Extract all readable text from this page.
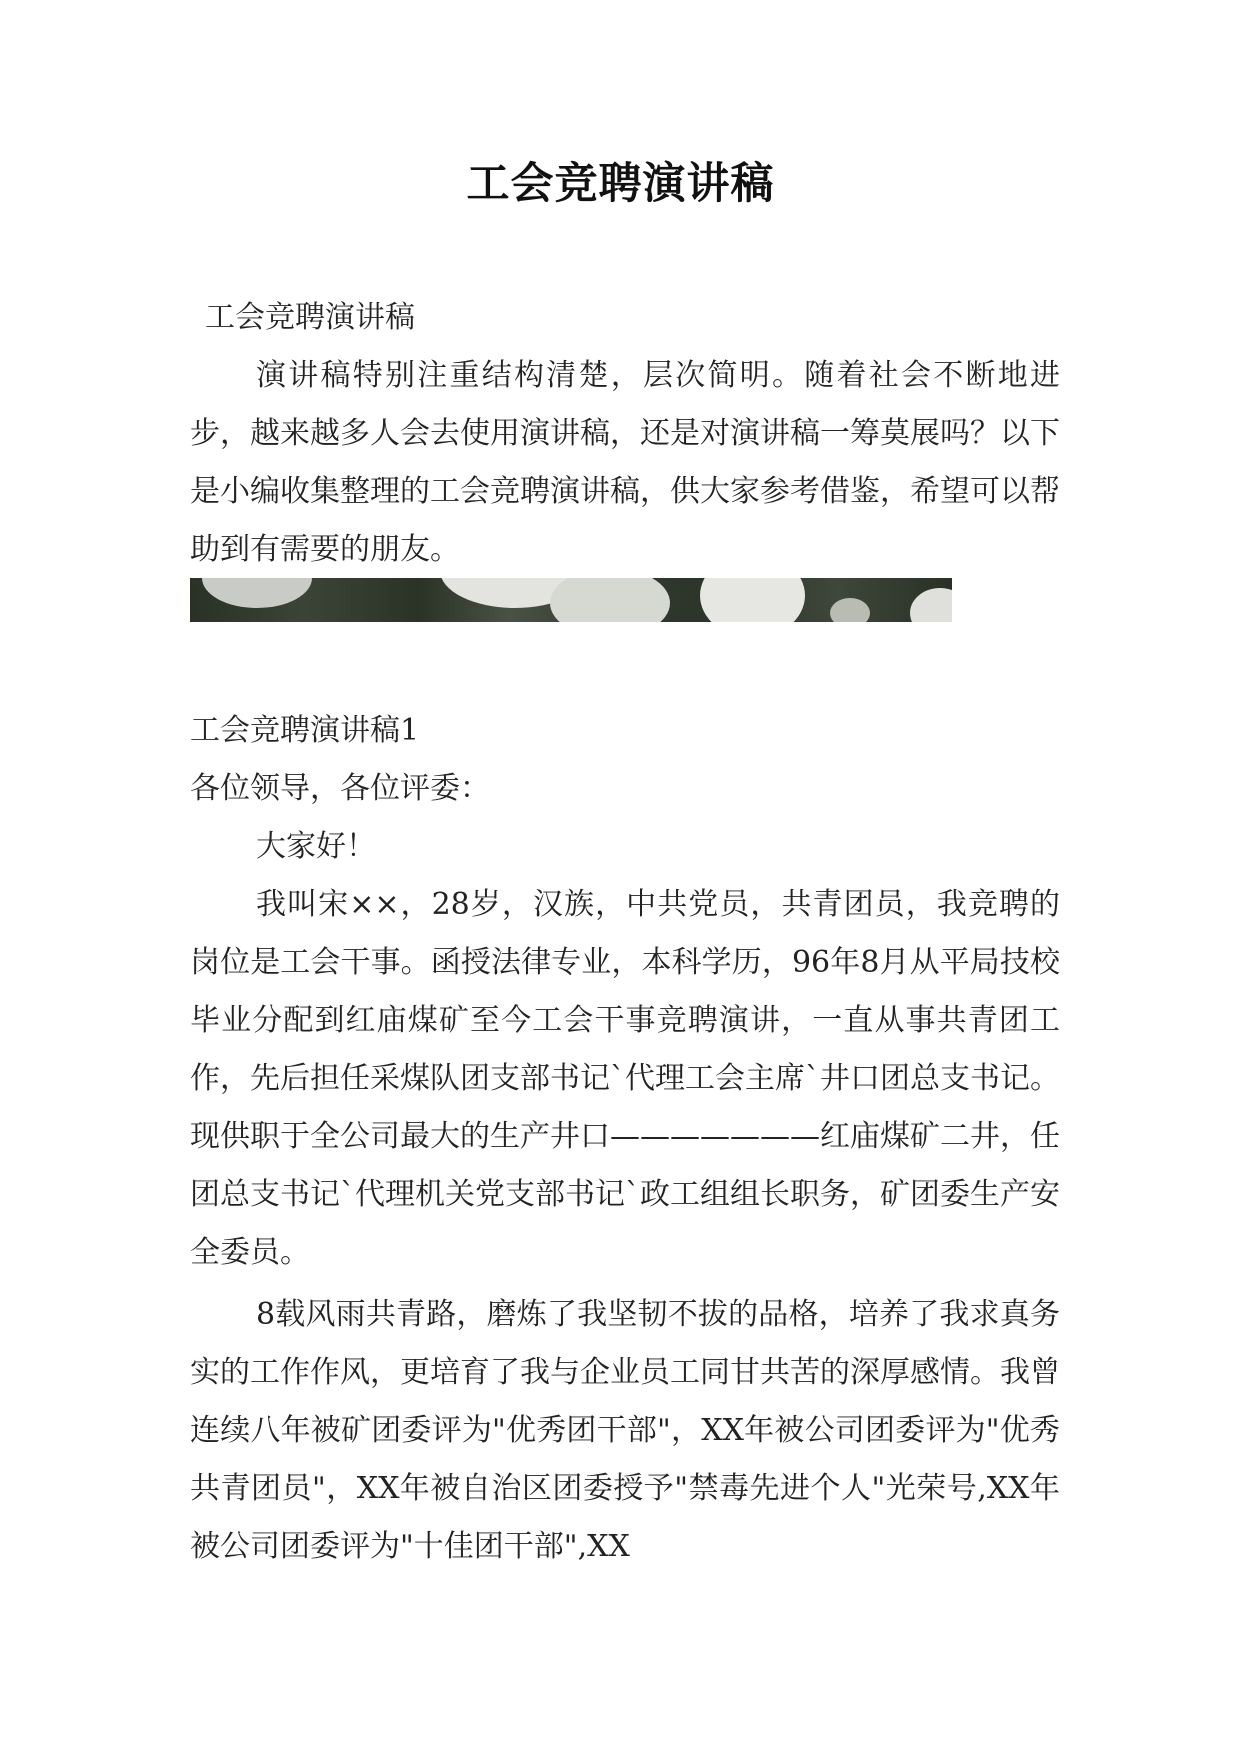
工会竞聘演讲稿

工会竞聘演讲稿

演讲稿特别注重结构清楚，层次简明。随着社会不断地进步，越来越多人会去使用演讲稿，还是对演讲稿一筹莫展吗？以下是小编收集整理的工会竞聘演讲稿，供大家参考借鉴，希望可以帮助到有需要的朋友。

工会竞聘演讲稿1

各位领导，各位评委：

大家好！

我叫宋××，28岁，汉族，中共党员，共青团员，我竞聘的岗位是工会干事。函授法律专业，本科学历，96年8月从平局技校毕业分配到红庙煤矿至今工会干事竞聘演讲，一直从事共青团工作，先后担任采煤队团支部书记`代理工会主席`井口团总支书记。现供职于全公司最大的生产井口———————红庙煤矿二井，任团总支书记`代理机关党支部书记`政工组组长职务，矿团委生产安全委员。

8载风雨共青路，磨炼了我坚韧不拔的品格，培养了我求真务实的工作作风，更培育了我与企业员工同甘共苦的深厚感情。我曾连续八年被矿团委评为"优秀团干部"，XX年被公司团委评为"优秀共青团员"，XX年被自治区团委授予"禁毒先进个人"光荣号,XX年被公司团委评为"十佳团干部",XX
